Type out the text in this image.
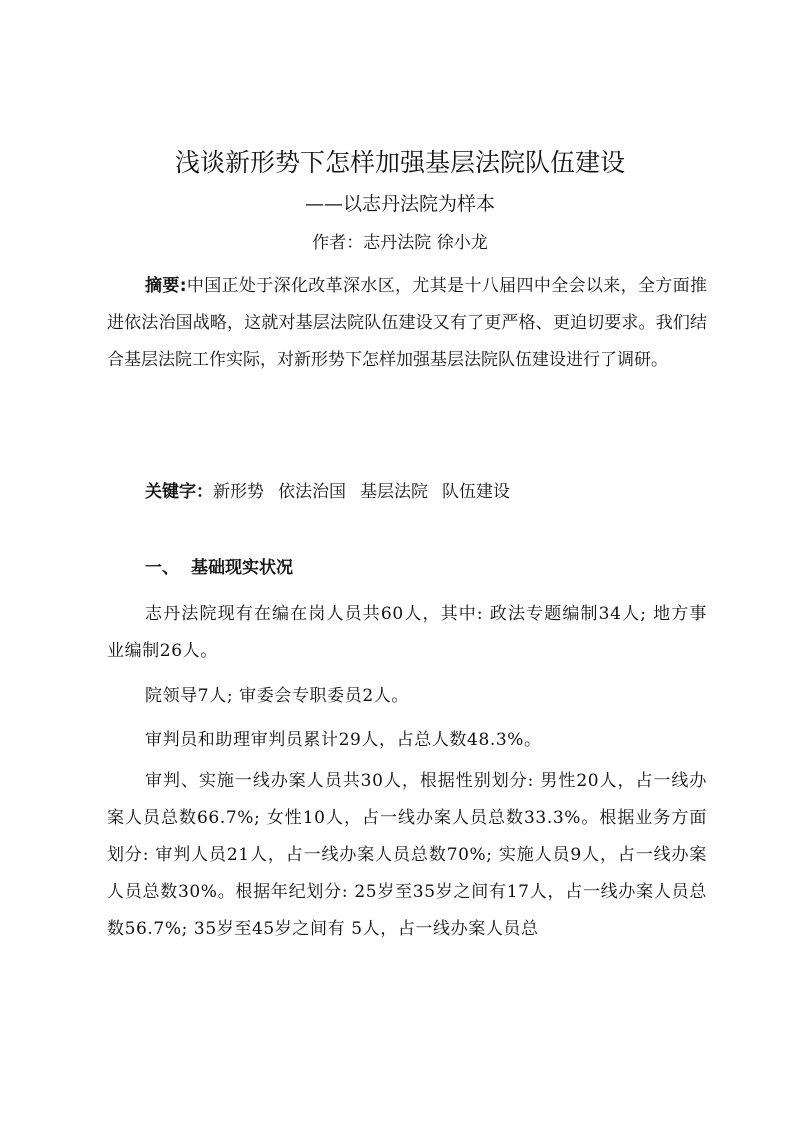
浅谈新形势下怎样加强基层法院队伍建设
——以志丹法院为样本
作者：志丹法院 徐小龙

摘要:中国正处于深化改革深水区，尤其是十八届四中全会以来，全方面推进依法治国战略，这就对基层法院队伍建设又有了更严格、更迫切要求。我们结合基层法院工作实际，对新形势下怎样加强基层法院队伍建设进行了调研。

关键字：新形势 依法治国 基层法院 队伍建设
一、 基础现实状况

志丹法院现有在编在岗人员共60人，其中: 政法专题编制34人; 地方事业编制26人。

院领导7人; 审委会专职委员2人。

审判员和助理审判员累计29人，占总人数48.3%。

审判、实施一线办案人员共30人，根据性别划分: 男性20人，占一线办案人员总数66.7%; 女性10人，占一线办案人员总数33.3%。根据业务方面划分: 审判人员21人，占一线办案人员总数70%; 实施人员9人，占一线办案人员总数30%。根据年纪划分: 25岁至35岁之间有17人，占一线办案人员总数56.7%; 35岁至45岁之间有 5人，占一线办案人员总
